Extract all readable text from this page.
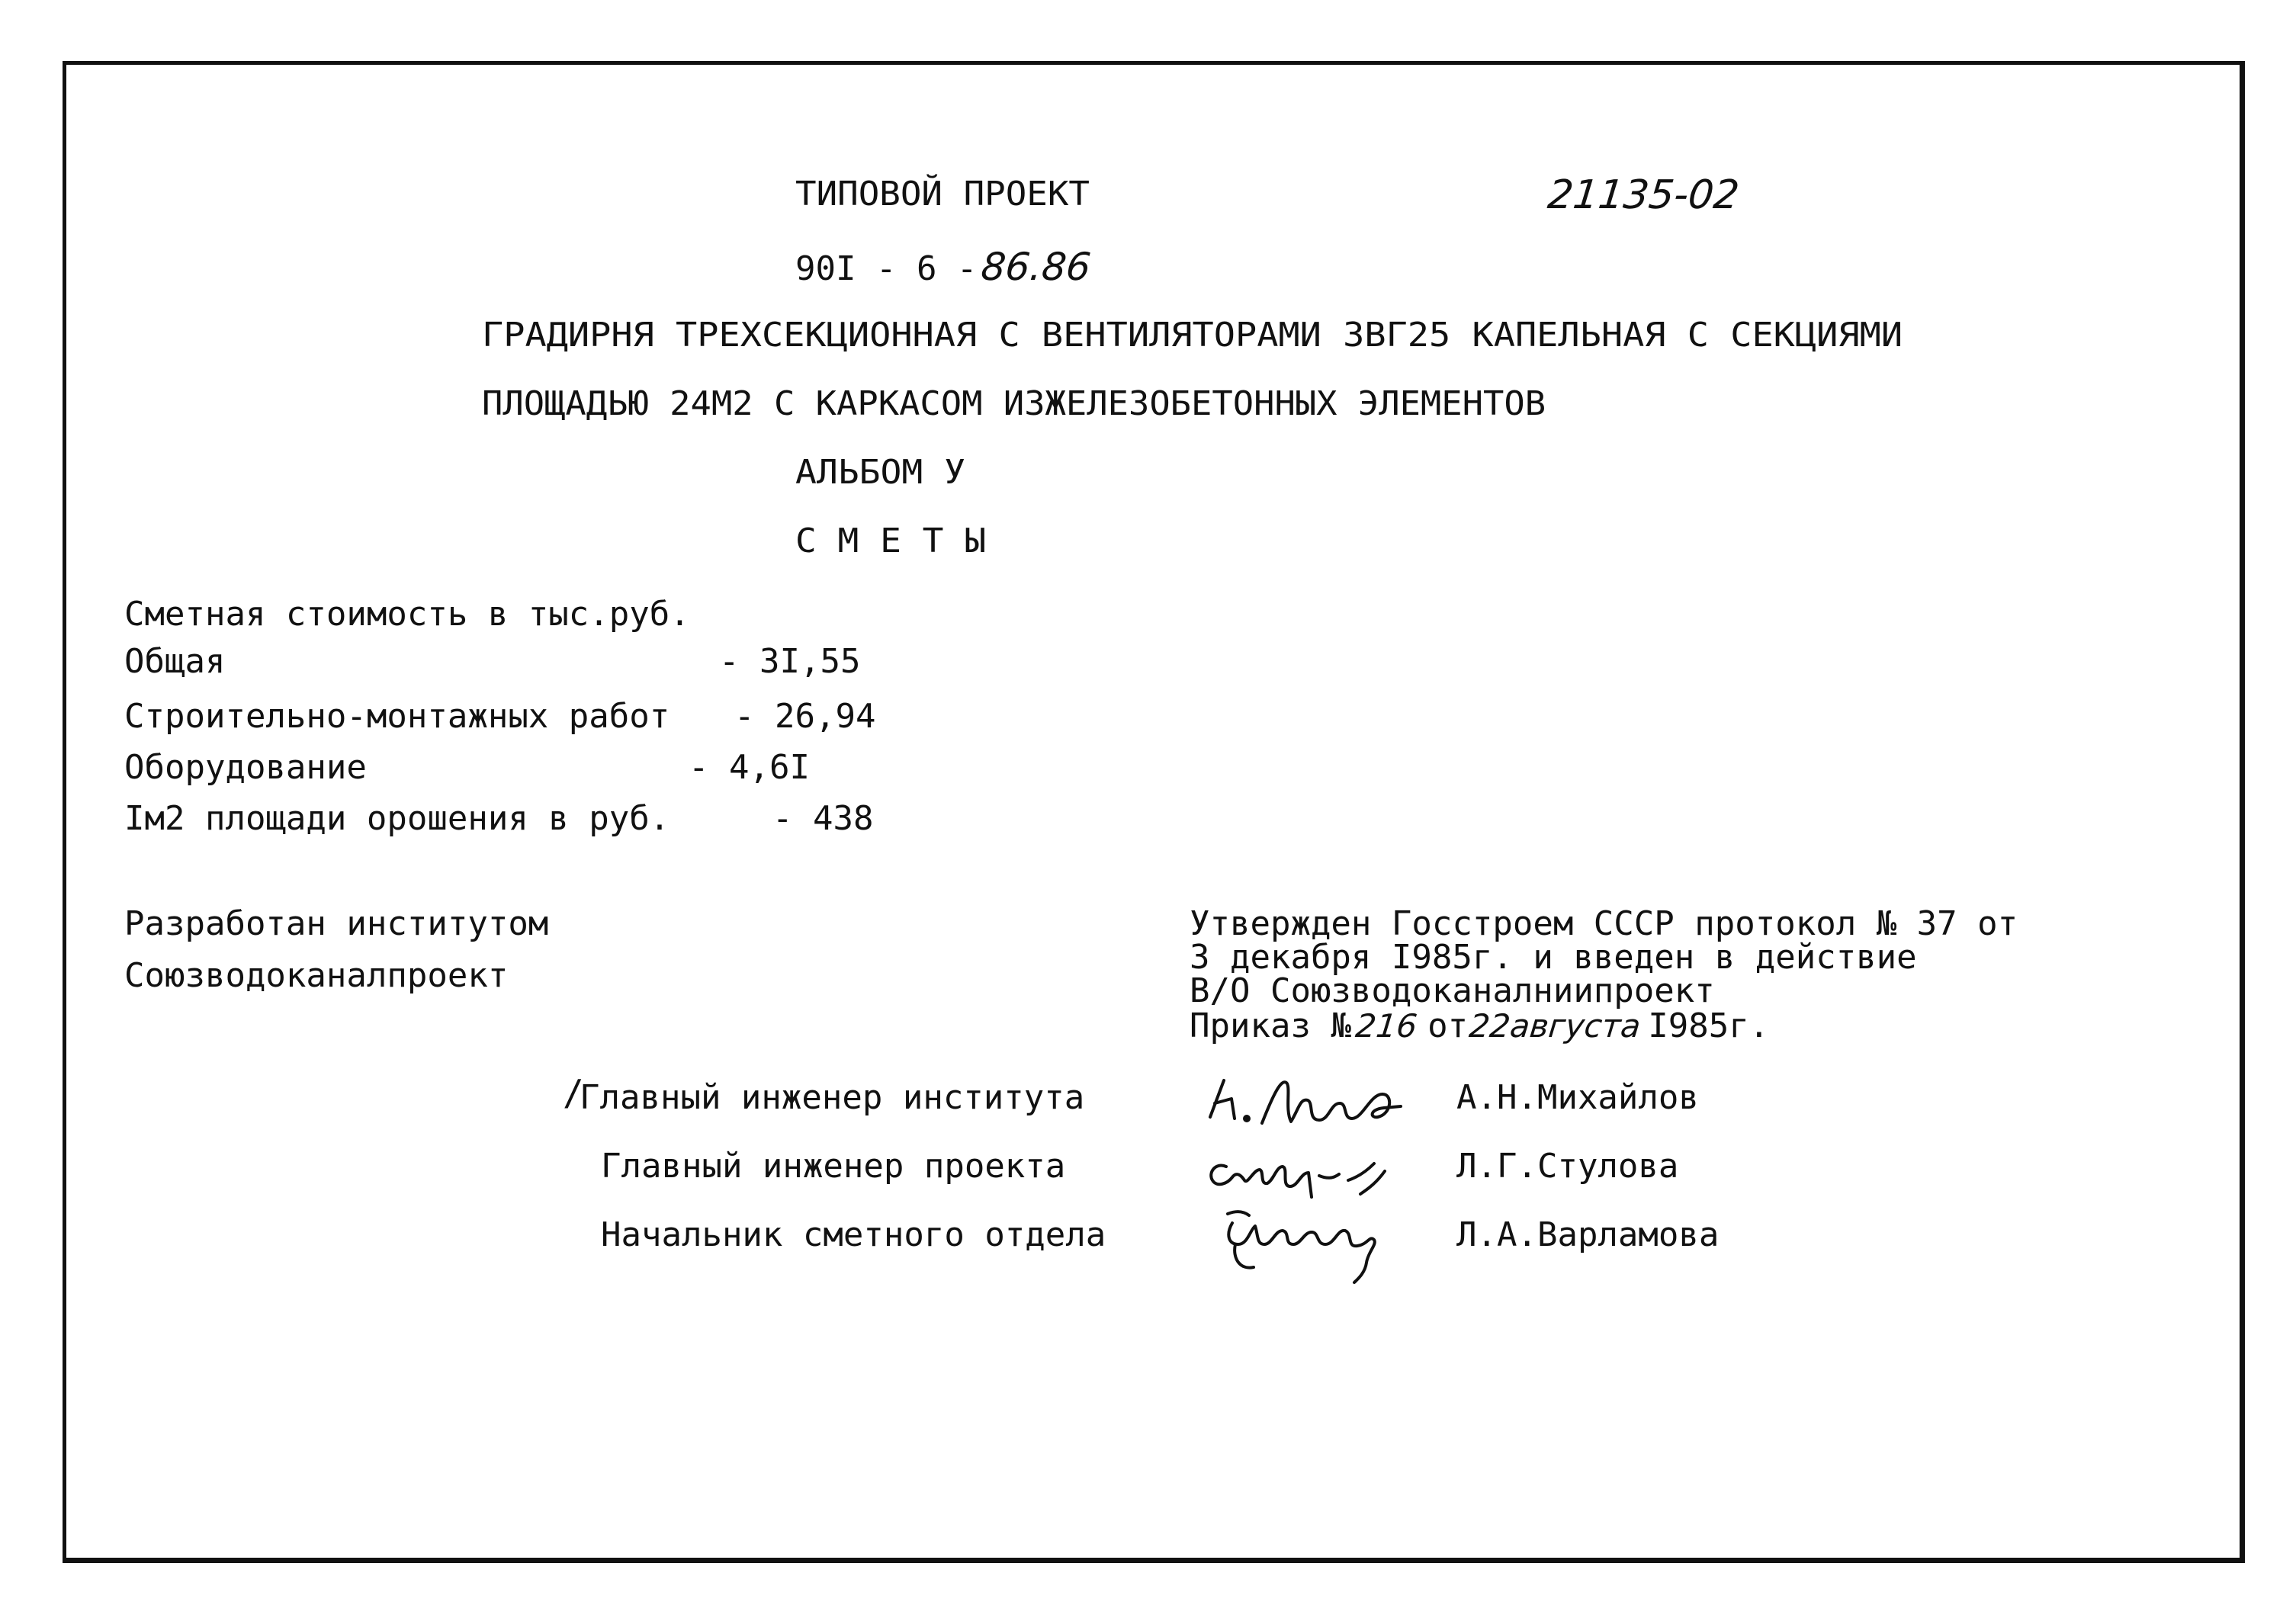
ТИПОВОЙ ПРОЕКТ	21135-02
90I - 6 -86.86
ГРАДИРНЯ ТРЕХСЕКЦИОННАЯ С ВЕНТИЛЯТОРАМИ 3ВГ25 КАПЕЛЬНАЯ С СЕКЦИЯМИ
ПЛОЩАДЬЮ 24М2 С КАРКАСОМ ИЗЖЕЛЕЗОБЕТОННЫХ ЭЛЕМЕНТОВ
АЛЬБОМ У
С М Е Т Ы
Сметная стоимость в тыс.руб.
Общая	- 3I,55
Строительно-монтажных работ - 26,94
Оборудование	- 4,6I
Iм2 площади орошения в руб.	- 438
Разработан институтом
Союзводоканалпроект
Утвержден Госстроем СССР протокол № 37 от
3 декабря I985г. и введен в действие
В/О Союзводоканалниипроект
Приказ №216 от22августа I985г.
/
Главный инженер института	А.Н.Михайлов
Главный инженер проекта	Л.Г.Стулова
Начальник сметного отдела	Л.А.Варламова
